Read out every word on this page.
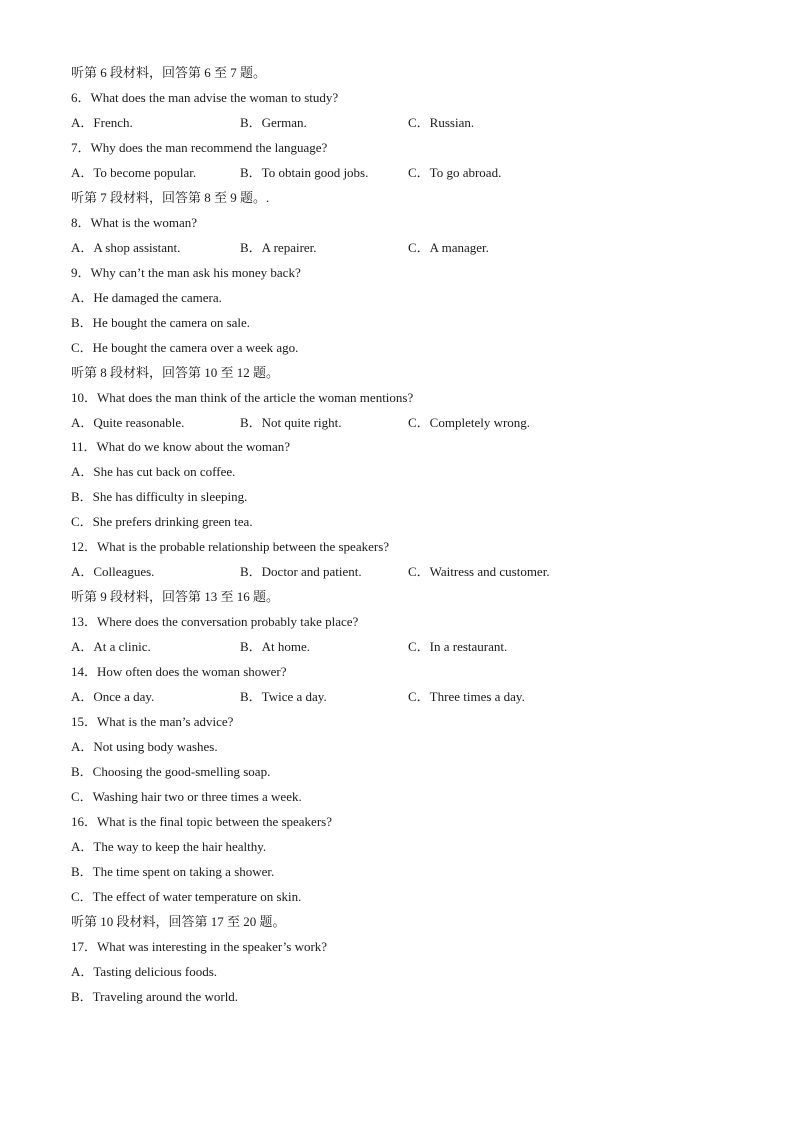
听第 6 段材料，回答第 6 至 7 题。
6．What does the man advise the woman to study?
A．French.	B．German.	C．Russian.
7．Why does the man recommend the language?
A．To become popular.	B．To obtain good jobs.	C．To go abroad.
听第 7 段材料，回答第 8 至 9 题。.
8．What is the woman?
A．A shop assistant.	B．A repairer.	C．A manager.
9．Why can’t the man ask his money back?
A．He damaged the camera.
B．He bought the camera on sale.
C．He bought the camera over a week ago.
听第 8 段材料，回答第 10 至 12 题。
10．What does the man think of the article the woman mentions?
A．Quite reasonable.	B．Not quite right.	C．Completely wrong.
11．What do we know about the woman?
A．She has cut back on coffee.
B．She has difficulty in sleeping.
C．She prefers drinking green tea.
12．What is the probable relationship between the speakers?
A．Colleagues.	B．Doctor and patient.	C．Waitress and customer.
听第 9 段材料，回答第 13 至 16 题。
13．Where does the conversation probably take place?
A．At a clinic.	B．At home.	C．In a restaurant.
14．How often does the woman shower?
A．Once a day.	B．Twice a day.	C．Three times a day.
15．What is the man’s advice?
A．Not using body washes.
B．Choosing the good-smelling soap.
C．Washing hair two or three times a week.
16．What is the final topic between the speakers?
A．The way to keep the hair healthy.
B．The time spent on taking a shower.
C．The effect of water temperature on skin.
听第 10 段材料，回答第 17 至 20 题。
17．What was interesting in the speaker’s work?
A．Tasting delicious foods.
B．Traveling around the world.
